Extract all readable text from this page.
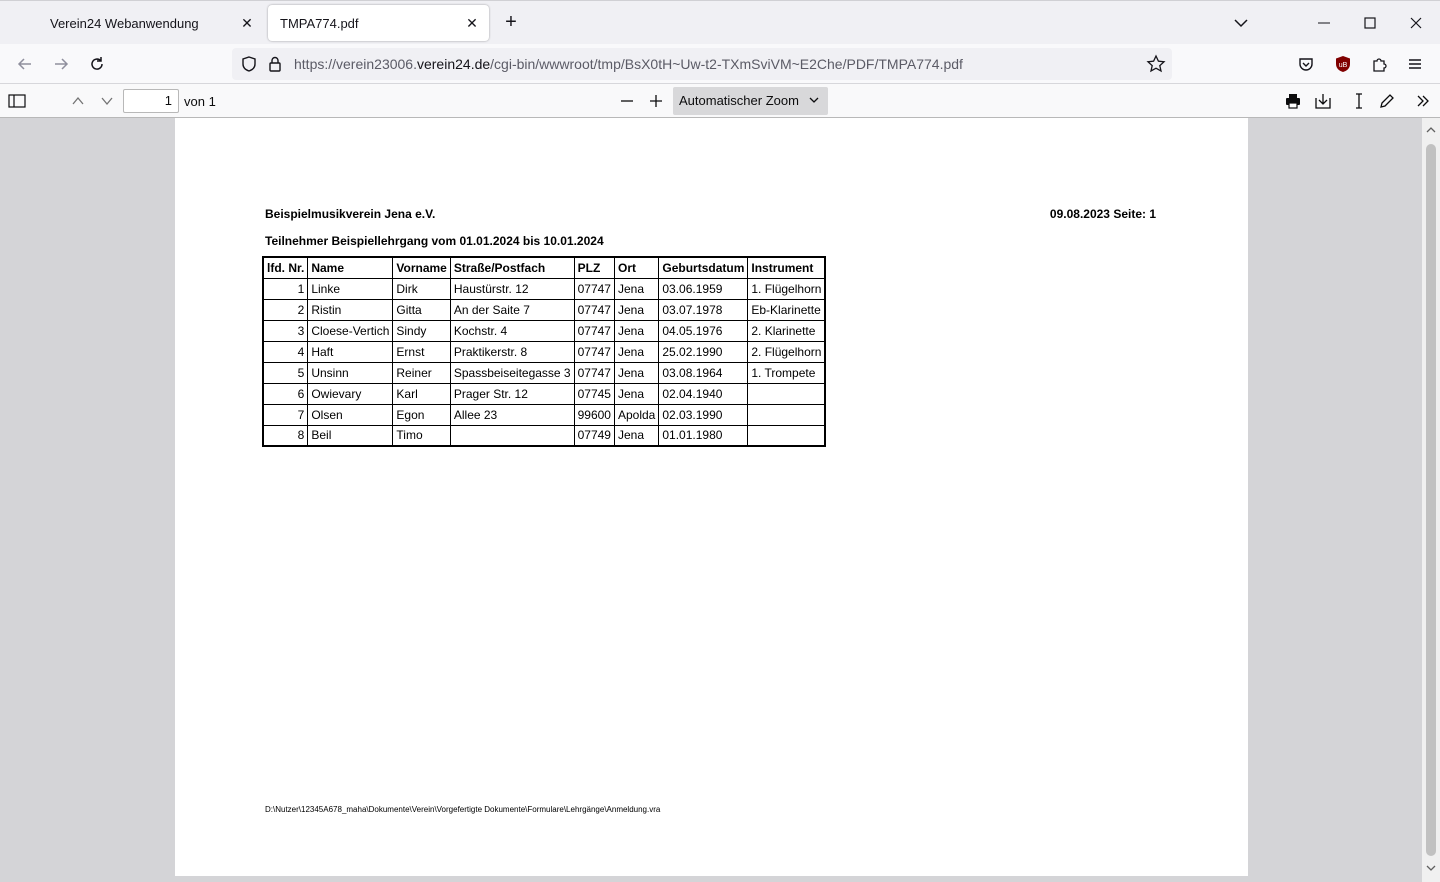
Verein24 Webanwendung	✕ TMPA774.pdf	✕ +
https://verein23006.verein24.de/cgi-bin/wwwroot/tmp/BsX0tH~Uw-t2-TXmSviVM~E2Che/PDF/TMPA774.pdf	uB
1 von 1	Automatischer Zoom
Beispielmusikverein Jena e.V.	09.08.2023 Seite: 1
Teilnehmer Beispiellehrgang vom 01.01.2024 bis 10.01.2024
lfd. Nr.	Name	Vorname	Straße/Postfach	PLZ	Ort	Geburtsdatum	Instrument
1	Linke	Dirk	Haustürstr. 12	07747	Jena	03.06.1959	1. Flügelhorn
2	Ristin	Gitta	An der Saite 7	07747	Jena	03.07.1978	Eb-Klarinette
3	Cloese-Vertich	Sindy	Kochstr. 4	07747	Jena	04.05.1976	2. Klarinette
4	Haft	Ernst	Praktikerstr. 8	07747	Jena	25.02.1990	2. Flügelhorn
5	Unsinn	Reiner	Spassbeiseitegasse 3	07747	Jena	03.08.1964	1. Trompete
6	Owievary	Karl	Prager Str. 12	07745	Jena	02.04.1940	
7	Olsen	Egon	Allee 23	99600	Apolda	02.03.1990	
8	Beil	Timo		07749	Jena	01.01.1980	
D:\Nutzer\12345A678_maha\Dokumente\Verein\Vorgefertigte Dokumente\Formulare\Lehrgänge\Anmeldung.vra
